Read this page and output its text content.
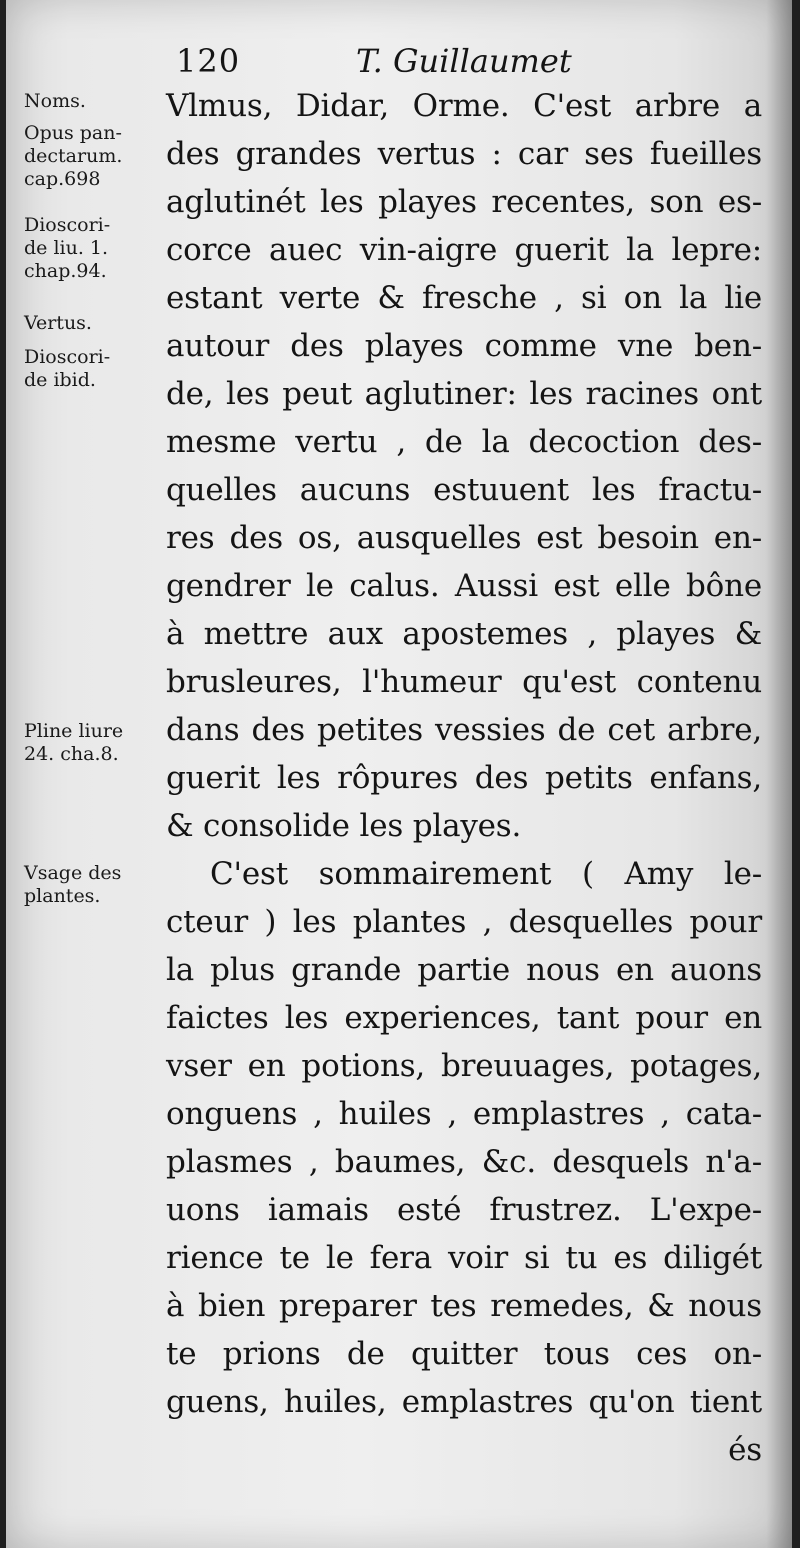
120	T. Guillaumet
Noms.
Opus pan-
dectarum.
cap.698
Dioscori-
de liu. 1.
chap.94.
Vertus.
Dioscori-
de ibid.
Pline liure
24. cha.8.
Vsage des
plantes.
Vlmus, Didar, Orme. C'est arbre a
des grandes vertus : car ses fueilles
aglutinét les playes recentes, son es-
corce auec vin-aigre guerit la lepre:
estant verte & fresche , si on la lie
autour des playes comme vne ben-
de, les peut aglutiner: les racines ont
mesme vertu , de la decoction des-
quelles aucuns estuuent les fractu-
res des os, ausquelles est besoin en-
gendrer le calus. Aussi est elle bône
à mettre aux apostemes , playes &
brusleures, l'humeur qu'est contenu
dans des petites vessies de cet arbre,
guerit les rôpures des petits enfans,
& consolide les playes.
C'est sommairement ( Amy le-
cteur ) les plantes , desquelles pour
la plus grande partie nous en auons
faictes les experiences, tant pour en
vser en potions, breuuages, potages,
onguens , huiles , emplastres , cata-
plasmes , baumes, &c. desquels n'a-
uons iamais esté frustrez. L'expe-
rience te le fera voir si tu es diligét
à bien preparer tes remedes, & nous
te prions de quitter tous ces on-
guens, huiles, emplastres qu'on tient
és
